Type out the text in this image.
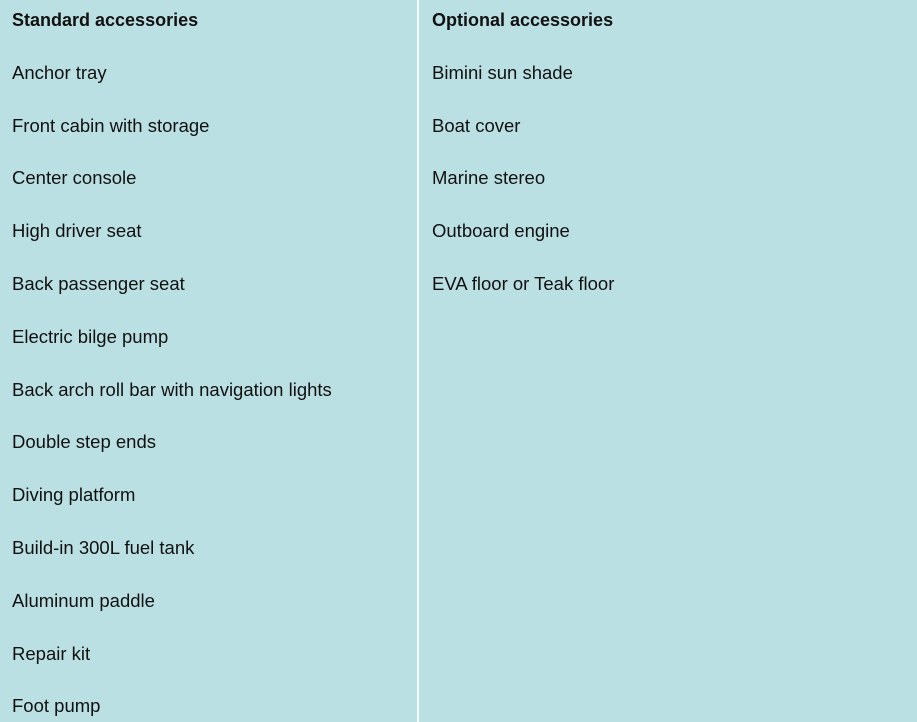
Standard accessories
Anchor tray
Front cabin with storage
Center console
High driver seat
Back passenger seat
Electric bilge pump
Back arch roll bar with navigation lights
Double step ends
Diving platform
Build-in 300L fuel tank
Aluminum paddle
Repair kit
Foot pump
Optional accessories
Bimini sun shade
Boat cover
Marine stereo
Outboard engine
EVA floor or Teak floor
